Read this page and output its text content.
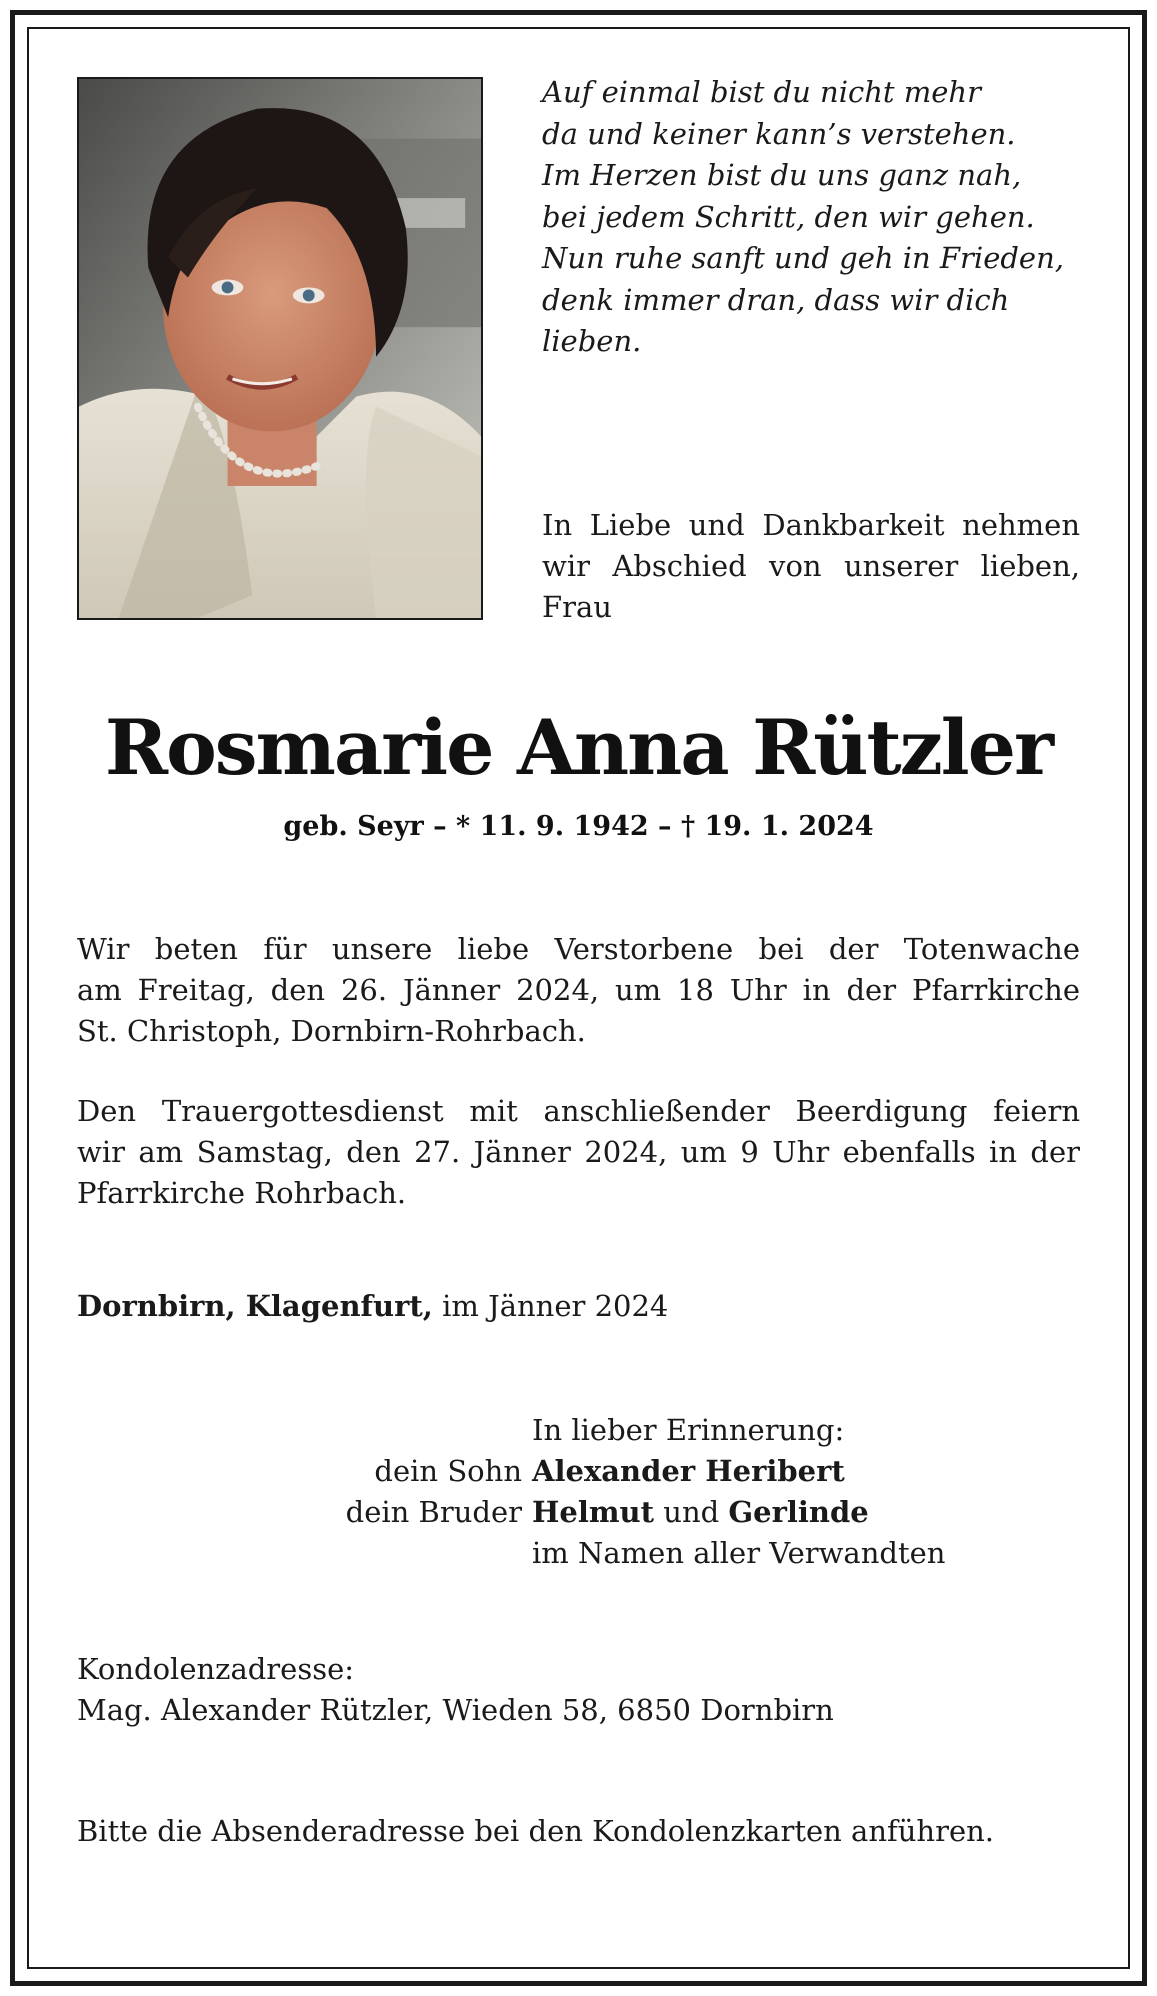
Auf einmal bist du nicht mehr
da und keiner kann’s verstehen.
Im Herzen bist du uns ganz nah,
bei jedem Schritt, den wir gehen.
Nun ruhe sanft und geh in Frieden,
denk immer dran, dass wir dich
lieben.

In Liebe und Dankbarkeit nehmen
wir Abschied von unserer lieben,
Frau

Rosmarie Anna Rützler

geb. Seyr – * 11. 9. 1942 – † 19. 1. 2024

Wir beten für unsere liebe Verstorbene bei der Totenwache
am Freitag, den 26. Jänner 2024, um 18 Uhr in der Pfarrkirche
St. Christoph, Dornbirn-Rohrbach.

Den Trauergottesdienst mit anschließender Beerdigung feiern
wir am Samstag, den 27. Jänner 2024, um 9 Uhr ebenfalls in der
Pfarrkirche Rohrbach.

Dornbirn, Klagenfurt, im Jänner 2024

In lieber Erinnerung:
dein Sohn Alexander Heribert
dein Bruder Helmut und Gerlinde
im Namen aller Verwandten

Kondolenzadresse:
Mag. Alexander Rützler, Wieden 58, 6850 Dornbirn

Bitte die Absenderadresse bei den Kondolenzkarten anführen.
